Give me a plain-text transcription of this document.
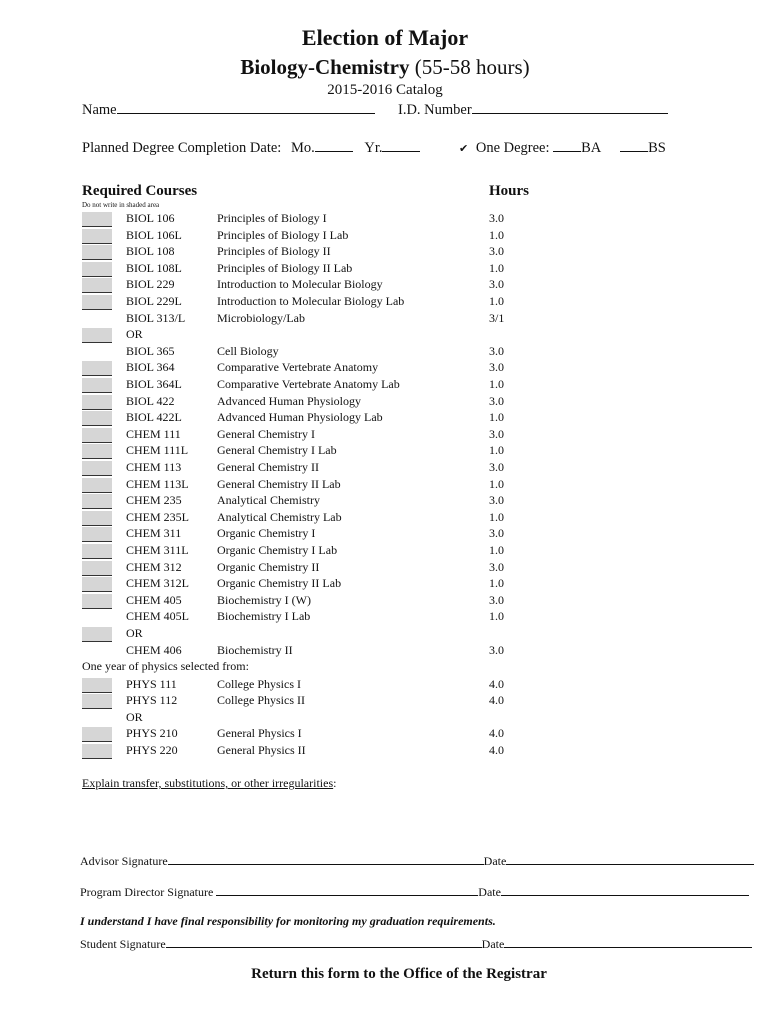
Election of Major
Biology-Chemistry (55-58 hours)
2015-2016 Catalog
Name	I.D. Number
Planned Degree Completion Date: Mo.	Yr.	✔ One Degree: BA	BS
Required Courses	Hours
Do not write in shaded area
BIOL 106	Principles of Biology I	3.0
BIOL 106L	Principles of Biology I Lab	1.0
BIOL 108	Principles of Biology II	3.0
BIOL 108L	Principles of Biology II Lab	1.0
BIOL 229	Introduction to Molecular Biology	3.0
BIOL 229L	Introduction to Molecular Biology Lab	1.0
BIOL 313/L	Microbiology/Lab	3/1
OR
BIOL 365	Cell Biology	3.0
BIOL 364	Comparative Vertebrate Anatomy	3.0
BIOL 364L	Comparative Vertebrate Anatomy Lab	1.0
BIOL 422	Advanced Human Physiology	3.0
BIOL 422L	Advanced Human Physiology Lab	1.0
CHEM 111	General Chemistry I	3.0
CHEM 111L General Chemistry I Lab	1.0
CHEM 113	General Chemistry II	3.0
CHEM 113L General Chemistry II Lab	1.0
CHEM 235	Analytical Chemistry	3.0
CHEM 235L Analytical Chemistry Lab	1.0
CHEM 311	Organic Chemistry I	3.0
CHEM 311L Organic Chemistry I Lab	1.0
CHEM 312	Organic Chemistry II	3.0
CHEM 312L Organic Chemistry II Lab	1.0
CHEM 405	Biochemistry I (W)	3.0
CHEM 405L Biochemistry I Lab	1.0
OR
CHEM 406	Biochemistry II	3.0
One year of physics selected from:
PHYS 111	College Physics I	4.0
PHYS 112	College Physics II	4.0
OR
PHYS 210	General Physics I	4.0
PHYS 220	General Physics II	4.0
Explain transfer, substitutions, or other irregularities:
Advisor Signature	Date
Program Director Signature	Date
I understand I have final responsibility for monitoring my graduation requirements.
Student Signature	Date
Return this form to the Office of the Registrar
